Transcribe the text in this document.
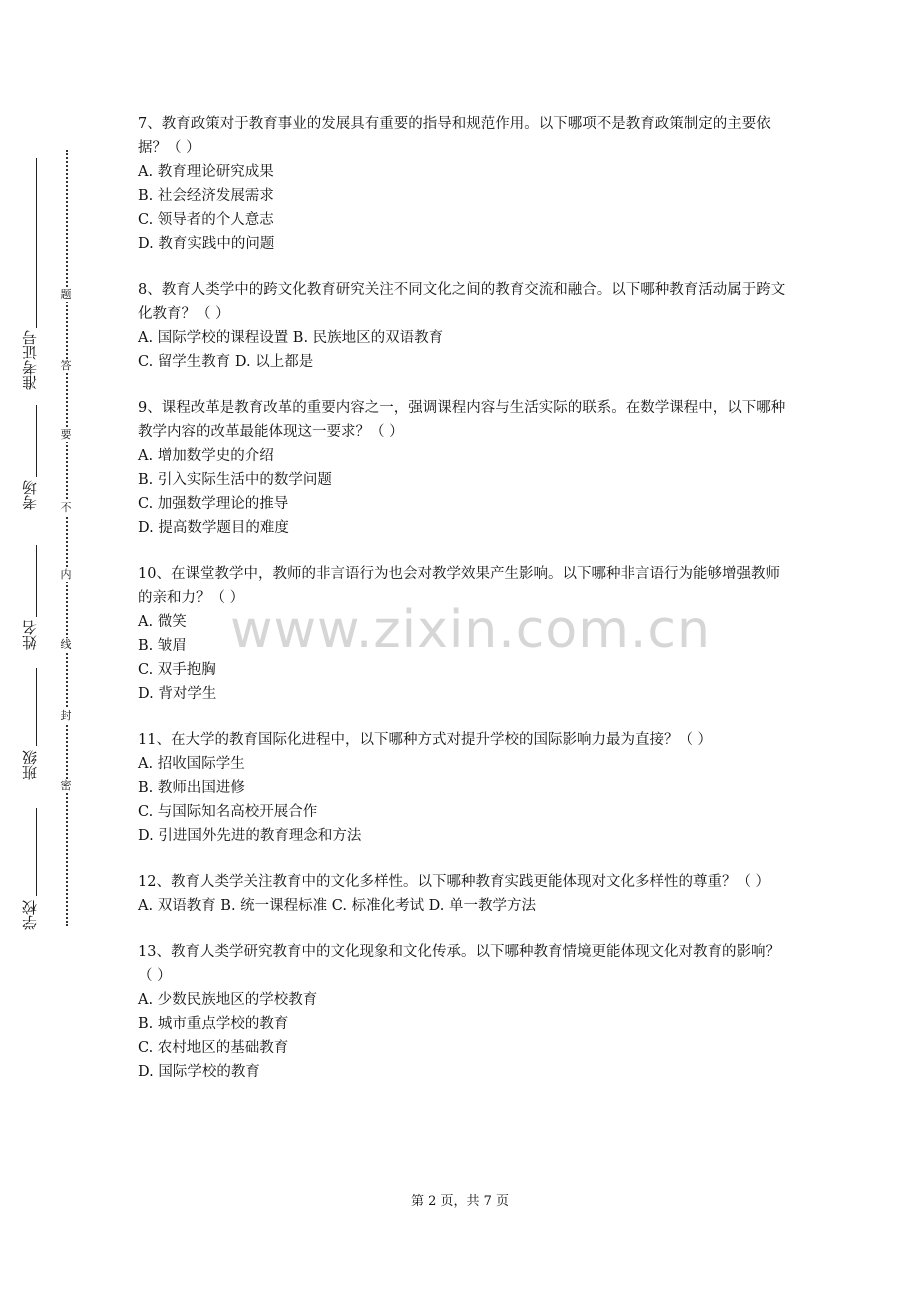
准考证号
考场
姓名
班级
学校
题
答
要
不
内
线
封
密
7、教育政策对于教育事业的发展具有重要的指导和规范作用。以下哪项不是教育政策制定的主要依据？（ ）
A. 教育理论研究成果
B. 社会经济发展需求
C. 领导者的个人意志
D. 教育实践中的问题
8、教育人类学中的跨文化教育研究关注不同文化之间的教育交流和融合。以下哪种教育活动属于跨文化教育？（ ）
A. 国际学校的课程设置 B. 民族地区的双语教育
C. 留学生教育 D. 以上都是
9、课程改革是教育改革的重要内容之一，强调课程内容与生活实际的联系。在数学课程中，以下哪种教学内容的改革最能体现这一要求？（ ）
A. 增加数学史的介绍
B. 引入实际生活中的数学问题
C. 加强数学理论的推导
D. 提高数学题目的难度
10、在课堂教学中，教师的非言语行为也会对教学效果产生影响。以下哪种非言语行为能够增强教师的亲和力？（ ）
A. 微笑
B. 皱眉
C. 双手抱胸
D. 背对学生
11、在大学的教育国际化进程中，以下哪种方式对提升学校的国际影响力最为直接？（ ）
A. 招收国际学生
B. 教师出国进修
C. 与国际知名高校开展合作
D. 引进国外先进的教育理念和方法
12、教育人类学关注教育中的文化多样性。以下哪种教育实践更能体现对文化多样性的尊重？（ ）
A. 双语教育 B. 统一课程标准 C. 标准化考试 D. 单一教学方法
13、教育人类学研究教育中的文化现象和文化传承。以下哪种教育情境更能体现文化对教育的影响？（ ）
A. 少数民族地区的学校教育
B. 城市重点学校的教育
C. 农村地区的基础教育
D. 国际学校的教育
www.zixin.com.cn
第 2 页，共 7 页
